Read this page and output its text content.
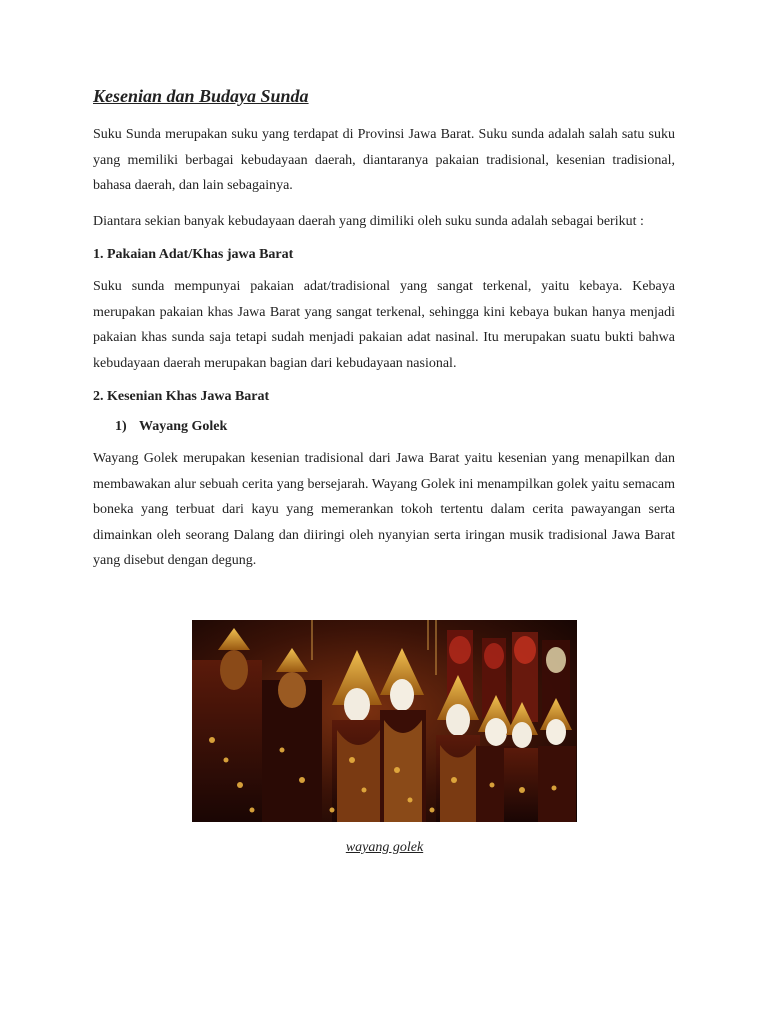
Kesenian dan Budaya Sunda

Suku Sunda merupakan suku yang terdapat di Provinsi Jawa Barat. Suku sunda adalah salah satu suku yang memiliki berbagai kebudayaan daerah, diantaranya pakaian tradisional, kesenian tradisional, bahasa daerah, dan lain sebagainya.

Diantara sekian banyak kebudayaan daerah yang dimiliki oleh suku sunda adalah sebagai berikut :

1. Pakaian Adat/Khas jawa Barat

Suku sunda mempunyai pakaian adat/tradisional yang sangat terkenal, yaitu kebaya. Kebaya merupakan pakaian khas Jawa Barat yang sangat terkenal, sehingga kini kebaya bukan hanya menjadi pakaian khas sunda saja tetapi sudah menjadi pakaian adat nasinal. Itu merupakan suatu bukti bahwa kebudayaan daerah merupakan bagian dari kebudayaan nasional.

2. Kesenian Khas Jawa Barat
1) Wayang Golek

Wayang Golek merupakan kesenian tradisional dari Jawa Barat yaitu kesenian yang menapilkan dan membawakan alur sebuah cerita yang bersejarah. Wayang Golek ini menampilkan golek yaitu semacam boneka yang terbuat dari kayu yang memerankan tokoh tertentu dalam cerita pawayangan serta dimainkan oleh seorang Dalang dan diiringi oleh nyanyian serta iringan musik tradisional Jawa Barat yang disebut dengan degung.

wayang golek
